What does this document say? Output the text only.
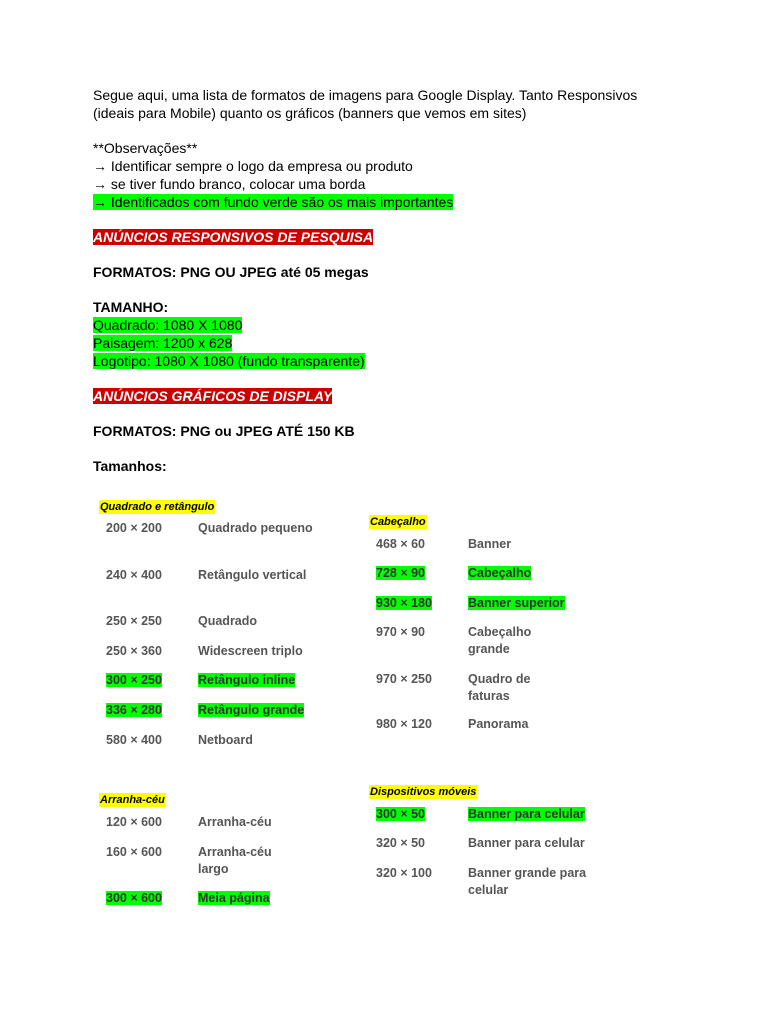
Segue aqui, uma lista de formatos de imagens para Google Display. Tanto Responsivos

(ideais para Mobile) quanto os gráficos (banners que vemos em sites)

**Observações**

→ Identificar sempre o logo da empresa ou produto

→ se tiver fundo branco, colocar uma borda

→ Identificados com fundo verde são os mais importantes

ANÚNCIOS RESPONSIVOS DE PESQUISA

FORMATOS: PNG OU JPEG até 05 megas

TAMANHO:

Quadrado: 1080 X 1080

Paisagem: 1200 x 628

Logotipo: 1080 X 1080 (fundo transparente)

ANÚNCIOS GRÁFICOS DE DISPLAY

FORMATOS: PNG ou JPEG ATÉ 150 KB

Tamanhos:

Quadrado e retângulo
200 × 200	Quadrado pequeno
240 × 400	Retângulo vertical
250 × 250	Quadrado
250 × 360	Widescreen triplo
300 × 250	Retângulo inline
336 × 280	Retângulo grande
580 × 400	Netboard
Cabeçalho
468 × 60	Banner
728 × 90	Cabeçalho
930 × 180	Banner superior
970 × 90	Cabeçalho grande
970 × 250	Quadro de faturas
980 × 120	Panorama
Arranha-céu
120 × 600	Arranha-céu
160 × 600	Arranha-céu largo
300 × 600	Meia página
Dispositivos móveis
300 × 50	Banner para celular
320 × 50	Banner para celular
320 × 100	Banner grande para celular
